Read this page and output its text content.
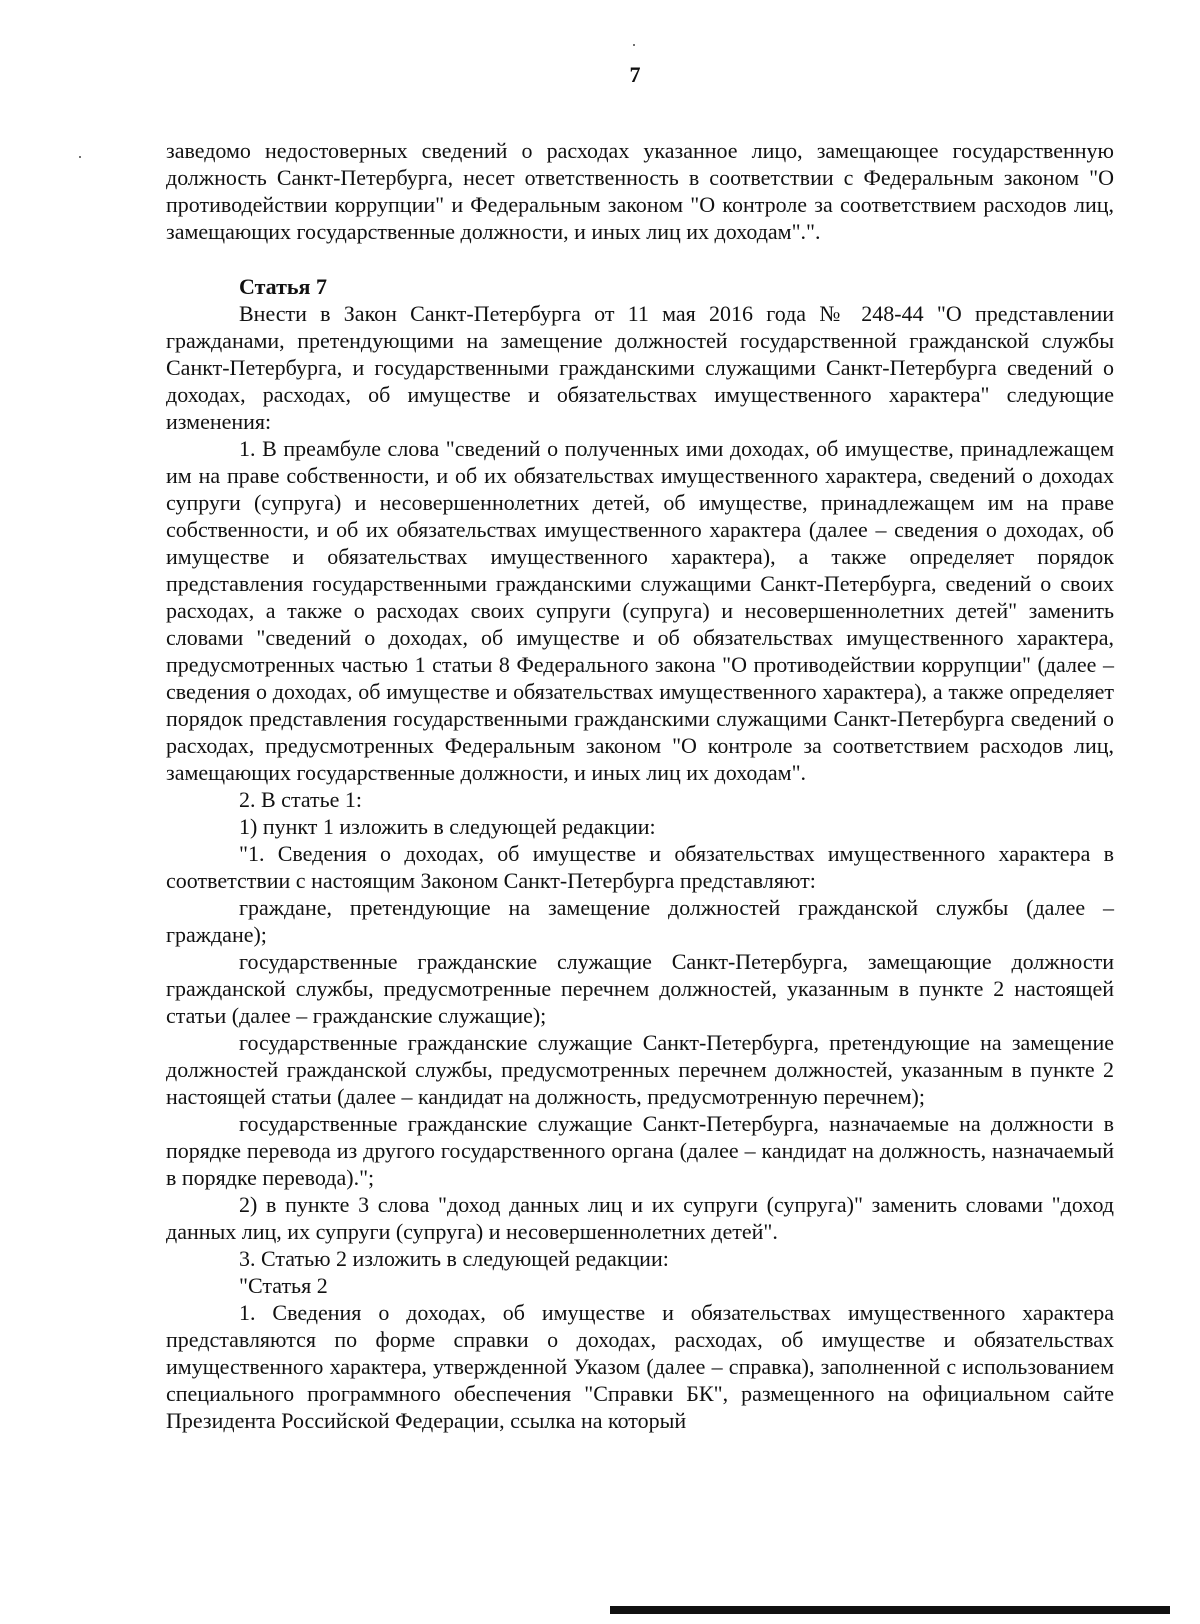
7

заведомо недостоверных сведений о расходах указанное лицо, замещающее государственную должность Санкт-Петербурга, несет ответственность в соответствии с Федеральным законом "О противодействии коррупции" и Федеральным законом "О контроле за соответствием расходов лиц, замещающих государственные должности, и иных лиц их доходам".".

Статья 7

Внести в Закон Санкт-Петербурга от 11 мая 2016 года № 248-44 "О представлении гражданами, претендующими на замещение должностей государственной гражданской службы Санкт-Петербурга, и государственными гражданскими служащими Санкт-Петербурга сведений о доходах, расходах, об имуществе и обязательствах имущественного характера" следующие изменения:

1. В преамбуле слова "сведений о полученных ими доходах, об имуществе, принадлежащем им на праве собственности, и об их обязательствах имущественного характера, сведений о доходах супруги (супруга) и несовершеннолетних детей, об имуществе, принадлежащем им на праве собственности, и об их обязательствах имущественного характера (далее – сведения о доходах, об имуществе и обязательствах имущественного характера), а также определяет порядок представления государственными гражданскими служащими Санкт-Петербурга, сведений о своих расходах, а также о расходах своих супруги (супруга) и несовершеннолетних детей" заменить словами "сведений о доходах, об имуществе и об обязательствах имущественного характера, предусмотренных частью 1 статьи 8 Федерального закона "О противодействии коррупции" (далее – сведения о доходах, об имуществе и обязательствах имущественного характера), а также определяет порядок представления государственными гражданскими служащими Санкт-Петербурга сведений о расходах, предусмотренных Федеральным законом "О контроле за соответствием расходов лиц, замещающих государственные должности, и иных лиц их доходам".

2. В статье 1:

1) пункт 1 изложить в следующей редакции:

"1. Сведения о доходах, об имуществе и обязательствах имущественного характера в соответствии с настоящим Законом Санкт-Петербурга представляют:

граждане, претендующие на замещение должностей гражданской службы (далее – граждане);

государственные гражданские служащие Санкт-Петербурга, замещающие должности гражданской службы, предусмотренные перечнем должностей, указанным в пункте 2 настоящей статьи (далее – гражданские служащие);

государственные гражданские служащие Санкт-Петербурга, претендующие на замещение должностей гражданской службы, предусмотренных перечнем должностей, указанным в пункте 2 настоящей статьи (далее – кандидат на должность, предусмотренную перечнем);

государственные гражданские служащие Санкт-Петербурга, назначаемые на должности в порядке перевода из другого государственного органа (далее – кандидат на должность, назначаемый в порядке перевода).";

2) в пункте 3 слова "доход данных лиц и их супруги (супруга)" заменить словами "доход данных лиц, их супруги (супруга) и несовершеннолетних детей".

3. Статью 2 изложить в следующей редакции:

"Статья 2

1. Сведения о доходах, об имуществе и обязательствах имущественного характера представляются по форме справки о доходах, расходах, об имуществе и обязательствах имущественного характера, утвержденной Указом (далее – справка), заполненной с использованием специального программного обеспечения "Справки БК", размещенного на официальном сайте Президента Российской Федерации, ссылка на который
